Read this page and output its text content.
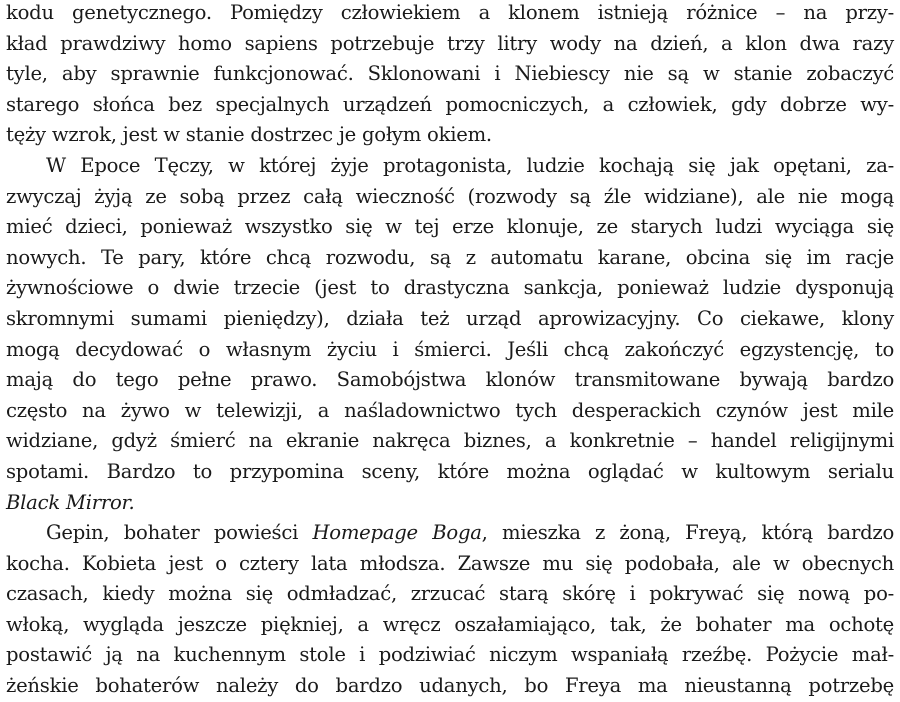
kodu genetycznego. Pomiędzy człowiekiem a klonem istnieją różnice – na przy-
kład prawdziwy homo sapiens potrzebuje trzy litry wody na dzień, a klon dwa razy
tyle, aby sprawnie funkcjonować. Sklonowani i Niebiescy nie są w stanie zobaczyć
starego słońca bez specjalnych urządzeń pomocniczych, a człowiek, gdy dobrze wy-
tęży wzrok, jest w stanie dostrzec je gołym okiem.
W Epoce Tęczy, w której żyje protagonista, ludzie kochają się jak opętani, za-
zwyczaj żyją ze sobą przez całą wieczność (rozwody są źle widziane), ale nie mogą
mieć dzieci, ponieważ wszystko się w tej erze klonuje, ze starych ludzi wyciąga się
nowych. Te pary, które chcą rozwodu, są z automatu karane, obcina się im racje
żywnościowe o dwie trzecie (jest to drastyczna sankcja, ponieważ ludzie dysponują
skromnymi sumami pieniędzy), działa też urząd aprowizacyjny. Co ciekawe, klony
mogą decydować o własnym życiu i śmierci. Jeśli chcą zakończyć egzystencję, to
mają do tego pełne prawo. Samobójstwa klonów transmitowane bywają bardzo
często na żywo w telewizji, a naśladownictwo tych desperackich czynów jest mile
widziane, gdyż śmierć na ekranie nakręca biznes, a konkretnie – handel religijnymi
spotami. Bardzo to przypomina sceny, które można oglądać w kultowym serialu
Black Mirror.
Gepin, bohater powieści Homepage Boga, mieszka z żoną, Freyą, którą bardzo
kocha. Kobieta jest o cztery lata młodsza. Zawsze mu się podobała, ale w obecnych
czasach, kiedy można się odmładzać, zrzucać starą skórę i pokrywać się nową po-
włoką, wygląda jeszcze piękniej, a wręcz oszałamiająco, tak, że bohater ma ochotę
postawić ją na kuchennym stole i podziwiać niczym wspaniałą rzeźbę. Pożycie mał-
żeńskie bohaterów należy do bardzo udanych, bo Freya ma nieustanną potrzebę
